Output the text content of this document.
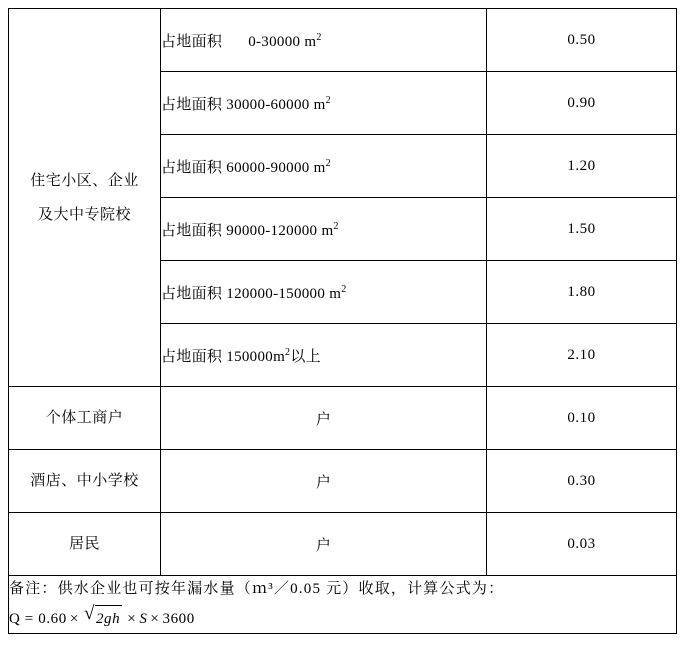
住宅小区、企业
及大中专院校	占地面积 0-30000 $m^2$	0.50
	占地面积 30000-60000 $m^2$	0.90
	占地面积 60000-90000 $m^2$	1.20
	占地面积 90000-120000 $m^2$	1.50
	占地面积 120000-150000 $m^2$	1.80
	占地面积 $150000m^2$以上	2.10

个体工商户	户	0.10

酒店、中小学校	户	0.30

居民	户	0.03

备注：供水企业也可按年漏水量（ｍ³／0.05 元）收取，计算公式为：
Q = 0.60 × √ 2gh × S × 3600		
